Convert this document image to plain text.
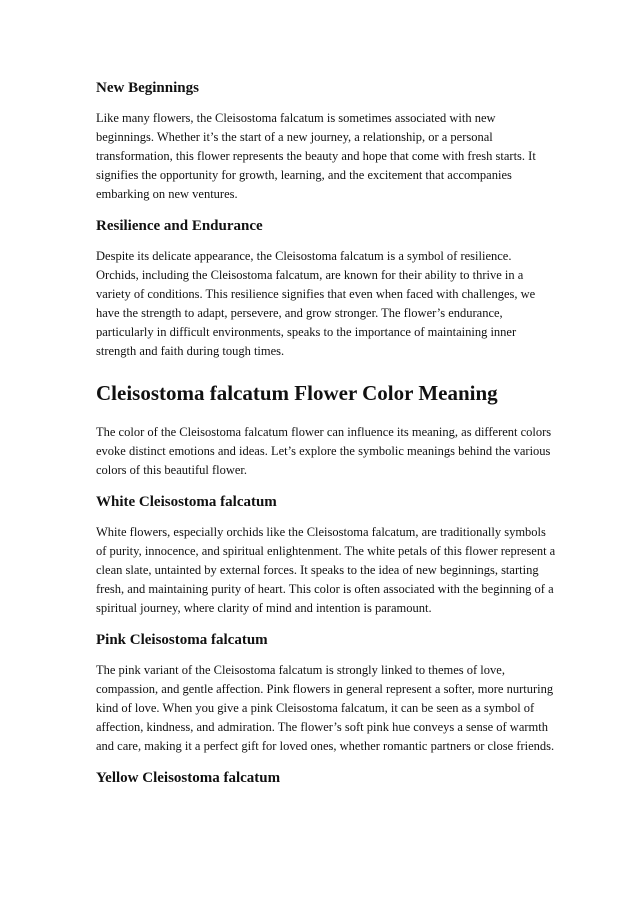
New Beginnings

Like many flowers, the Cleisostoma falcatum is sometimes associated with new beginnings. Whether it’s the start of a new journey, a relationship, or a personal transformation, this flower represents the beauty and hope that come with fresh starts. It signifies the opportunity for growth, learning, and the excitement that accompanies embarking on new ventures.

Resilience and Endurance

Despite its delicate appearance, the Cleisostoma falcatum is a symbol of resilience. Orchids, including the Cleisostoma falcatum, are known for their ability to thrive in a variety of conditions. This resilience signifies that even when faced with challenges, we have the strength to adapt, persevere, and grow stronger. The flower’s endurance, particularly in difficult environments, speaks to the importance of maintaining inner strength and faith during tough times.

Cleisostoma falcatum Flower Color Meaning

The color of the Cleisostoma falcatum flower can influence its meaning, as different colors evoke distinct emotions and ideas. Let’s explore the symbolic meanings behind the various colors of this beautiful flower.

White Cleisostoma falcatum

White flowers, especially orchids like the Cleisostoma falcatum, are traditionally symbols of purity, innocence, and spiritual enlightenment. The white petals of this flower represent a clean slate, untainted by external forces. It speaks to the idea of new beginnings, starting fresh, and maintaining purity of heart. This color is often associated with the beginning of a spiritual journey, where clarity of mind and intention is paramount.

Pink Cleisostoma falcatum

The pink variant of the Cleisostoma falcatum is strongly linked to themes of love, compassion, and gentle affection. Pink flowers in general represent a softer, more nurturing kind of love. When you give a pink Cleisostoma falcatum, it can be seen as a symbol of affection, kindness, and admiration. The flower’s soft pink hue conveys a sense of warmth and care, making it a perfect gift for loved ones, whether romantic partners or close friends.

Yellow Cleisostoma falcatum
